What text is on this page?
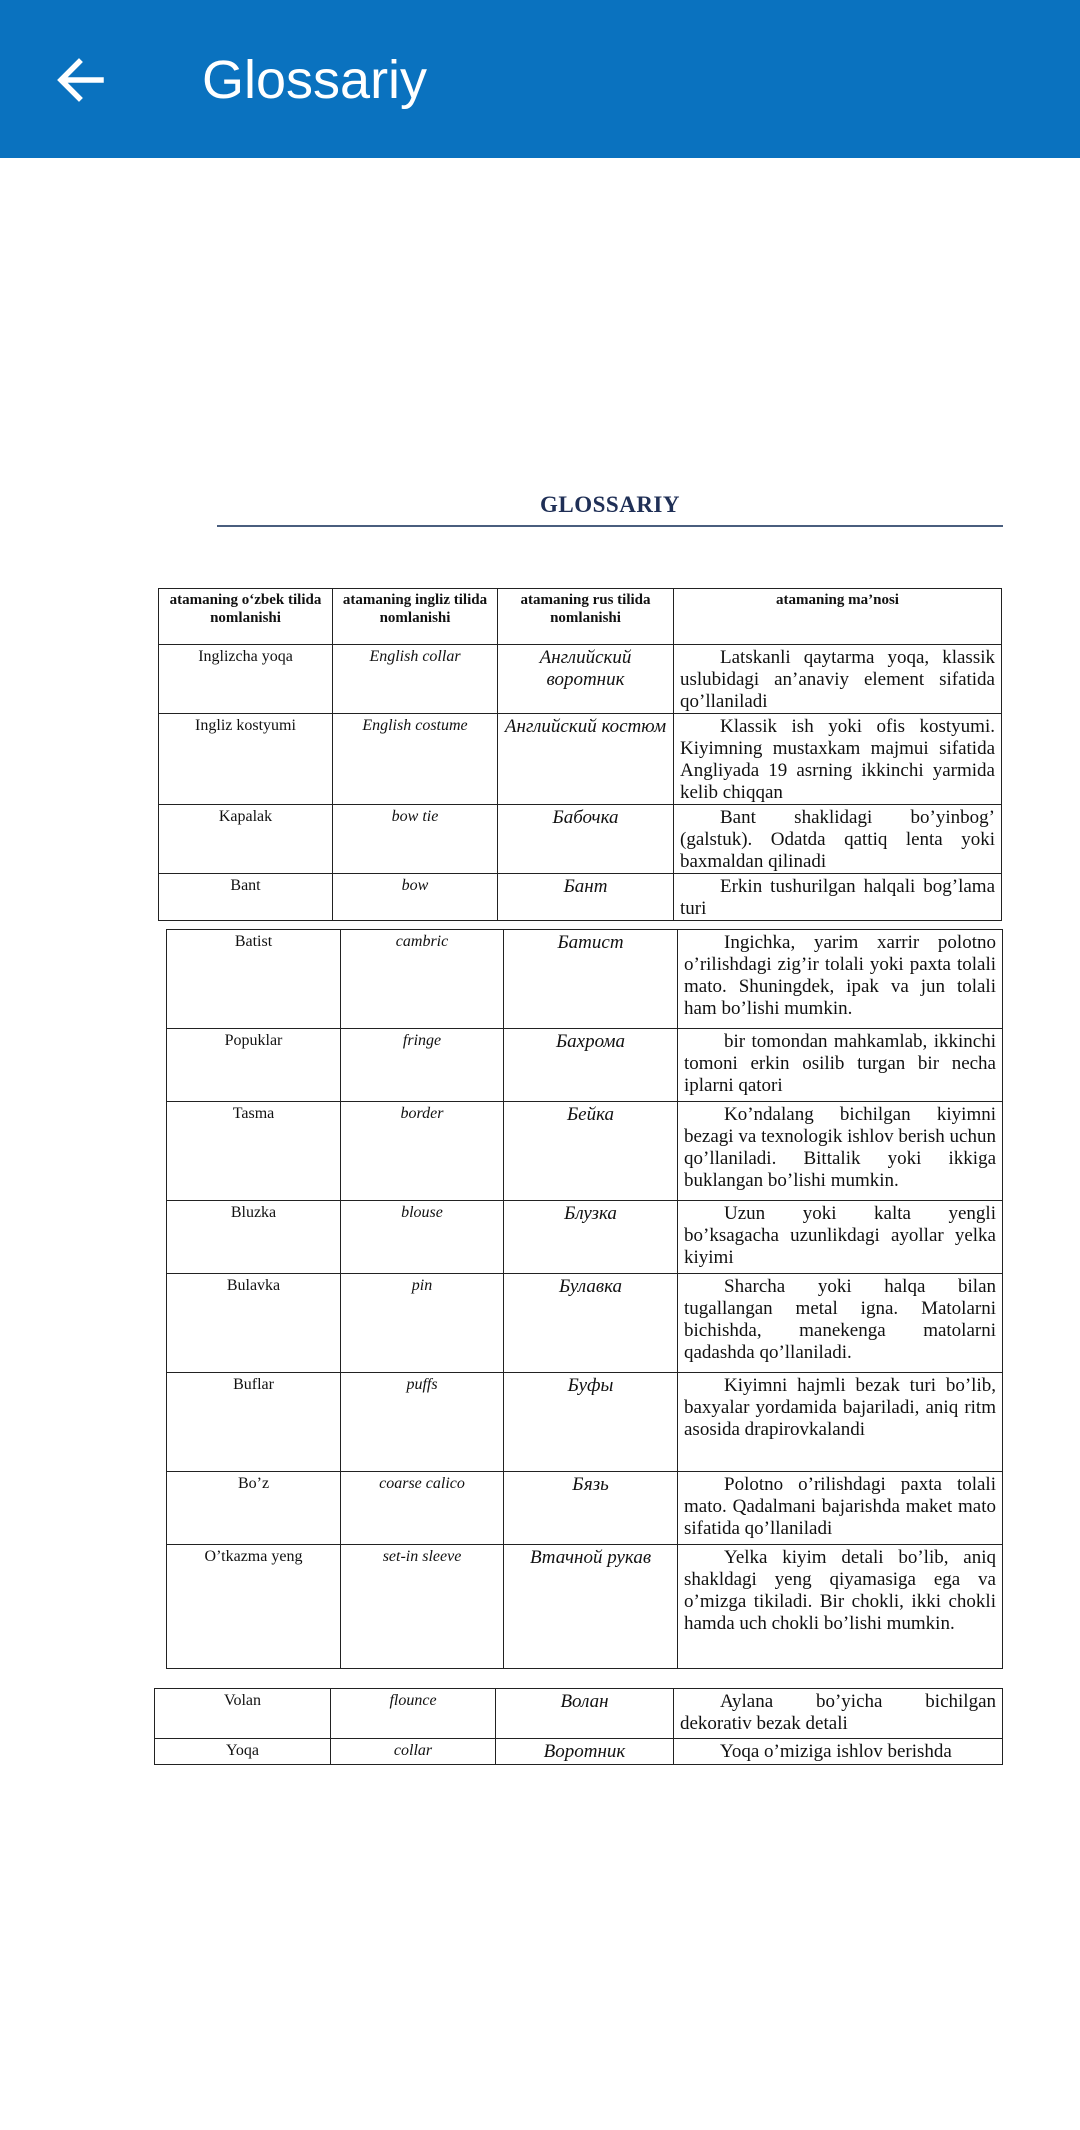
Glossariy
GLOSSARIY
atamaning o‘zbek tilida nomlanishi	atamaning ingliz tilida nomlanishi	atamaning rus tilida nomlanishi	atamaning ma’nosi
Inglizcha yoqa	English collar	Английский воротник	Latskanli qaytarma yoqa, klassik uslubidagi an’anaviy element sifatida qo’llaniladi

Ingliz kostyumi	English costume	Английский костюм	Klassik ish yoki ofis kostyumi. Kiyimning mustaxkam majmui sifatida Angliyada 19 asrning ikkinchi yarmida kelib chiqqan

Kapalak	bow tie	Бабочка	Bant shaklidagi bo’yinbog’ (galstuk). Odatda qattiq lenta yoki baxmaldan qilinadi

Bant	bow	Бант	Erkin tushurilgan halqali bog’lama turi
Batist	cambric	Батист	Ingichka, yarim xarrir polotno o’rilishdagi zig’ir tolali yoki paxta tolali mato. Shuningdek, ipak va jun tolali ham bo’lishi mumkin.

Popuklar	fringe	Бахрома	bir tomondan mahkamlab, ikkinchi tomoni erkin osilib turgan bir necha iplarni qatori

Tasma	border	Бейка	Ko’ndalang bichilgan kiyimni bezagi va texnologik ishlov berish uchun qo’llaniladi. Bittalik yoki ikkiga buklangan bo’lishi mumkin.

Bluzka	blouse	Блузка	Uzun yoki kalta yengli bo’ksagacha uzunlikdagi ayollar yelka kiyimi

Bulavka	pin	Булавка	Sharcha yoki halqa bilan tugallangan metal igna. Matolarni bichishda, manekenga matolarni qadashda qo’llaniladi.

Buflar	puffs	Буфы	Kiyimni hajmli bezak turi bo’lib, baxyalar yordamida bajariladi, aniq ritm asosida drapirovkalandi

Bo’z	coarse calico	Бязь	Polotno o’rilishdagi paxta tolali mato. Qadalmani bajarishda maket mato sifatida qo’llaniladi

O’tkazma yeng	set-in sleeve	Втачной рукав	Yelka kiyim detali bo’lib, aniq shakldagi yeng qiyamasiga ega va o’mizga tikiladi. Bir chokli, ikki chokli hamda uch chokli bo’lishi mumkin.
Volan	flounce	Волан	Aylana bo’yicha bichilgan dekorativ bezak detali

Yoqa	collar	Воротник	Yoqa o’miziga ishlov berishda
